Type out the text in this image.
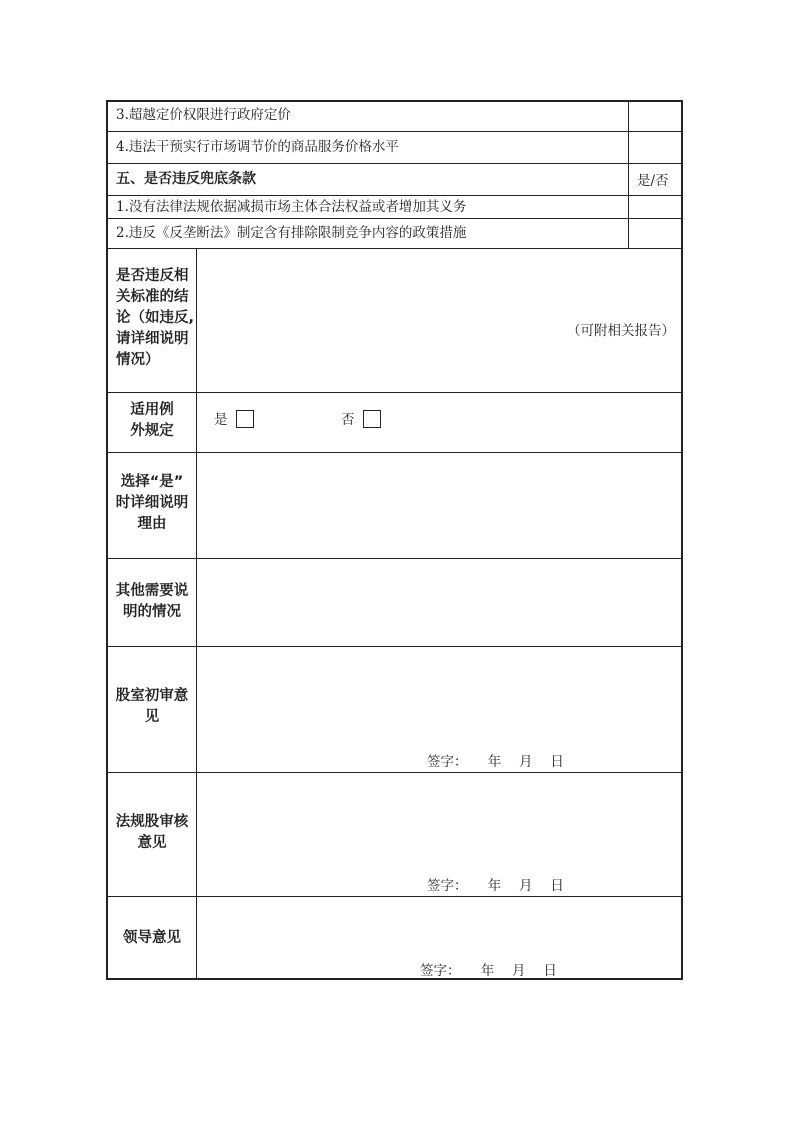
3.超越定价权限进行政府定价
4.违法干预实行市场调节价的商品服务价格水平
五、是否违反兜底条款	是/否
1.没有法律法规依据减损市场主体合法权益或者增加其义务
2.违反《反垄断法》制定含有排除限制竞争内容的政策措施
是否违反相
关标准的结
论（如违反,
请详细说明
情况）
（可附相关报告）
适用例
外规定
是	否
选择“是”
时详细说明
理由
其他需要说
明的情况
股室初审意
见
签字：　　年　 月　 日
法规股审核
意见
签字：　　年　 月　 日
领导意见
签字：　　年　 月　 日
